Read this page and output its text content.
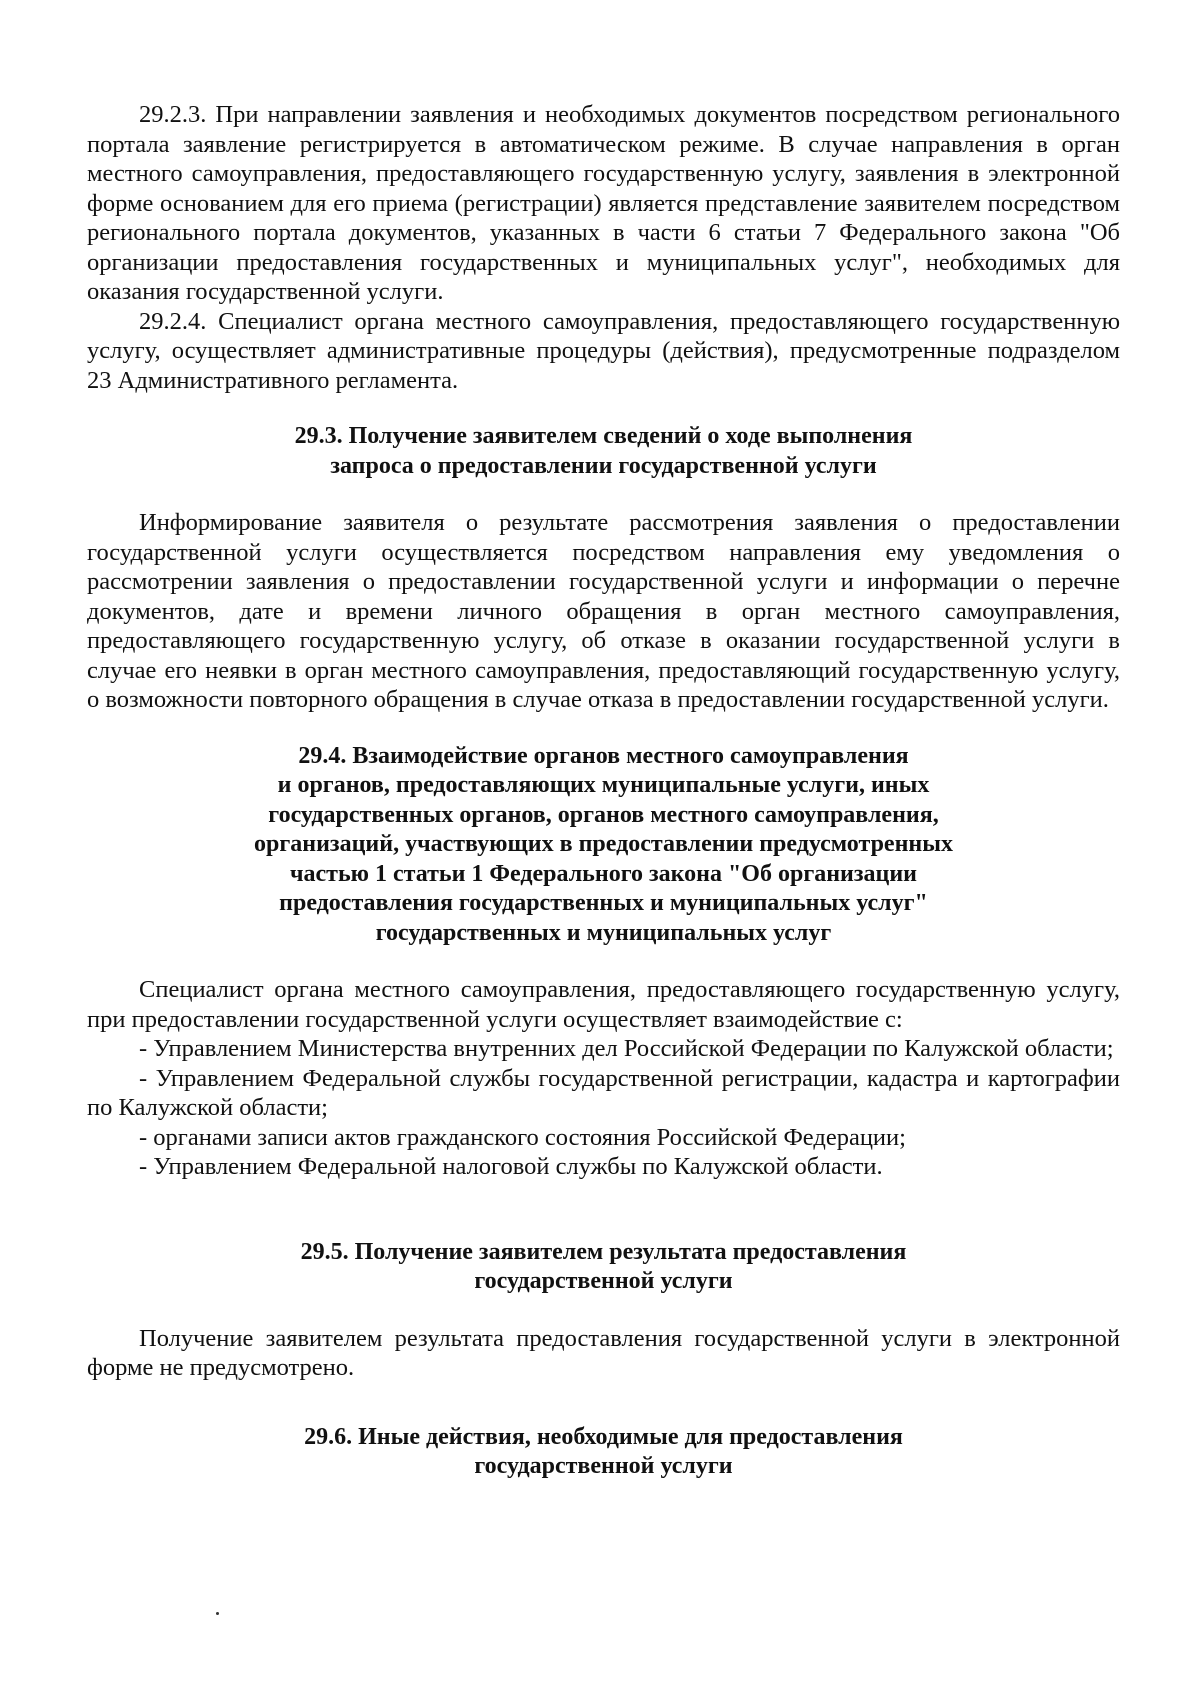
29.2.3. При направлении заявления и необходимых документов посредством регионального портала заявление регистрируется в автоматическом режиме. В случае направления в орган местного самоуправления, предоставляющего государственную услугу, заявления в электронной форме основанием для его приема (регистрации) является представление заявителем посредством регионального портала документов, указанных в части 6 статьи 7 Федерального закона "Об организации предоставления государственных и муниципальных услуг", необходимых для оказания государственной услуги.

29.2.4. Специалист органа местного самоуправления, предоставляющего государственную услугу, осуществляет административные процедуры (действия), предусмотренные подразделом 23 Административного регламента.

29.3. Получение заявителем сведений о ходе выполнения
запроса о предоставлении государственной услуги

Информирование заявителя о результате рассмотрения заявления о предоставлении государственной услуги осуществляется посредством направления ему уведомления о рассмотрении заявления о предоставлении государственной услуги и информации о перечне документов, дате и времени личного обращения в орган местного самоуправления, предоставляющего государственную услугу, об отказе в оказании государственной услуги в случае его неявки в орган местного самоуправления, предоставляющий государственную услугу, о возможности повторного обращения в случае отказа в предоставлении государственной услуги.

29.4. Взаимодействие органов местного самоуправления
и органов, предоставляющих муниципальные услуги, иных
государственных органов, органов местного самоуправления,
организаций, участвующих в предоставлении предусмотренных
частью 1 статьи 1 Федерального закона "Об организации
предоставления государственных и муниципальных услуг"
государственных и муниципальных услуг

Специалист органа местного самоуправления, предоставляющего государственную услугу, при предоставлении государственной услуги осуществляет взаимодействие с:

- Управлением Министерства внутренних дел Российской Федерации по Калужской области;

- Управлением Федеральной службы государственной регистрации, кадастра и картографии по Калужской области;

- органами записи актов гражданского состояния Российской Федерации;

- Управлением Федеральной налоговой службы по Калужской области.

29.5. Получение заявителем результата предоставления
государственной услуги

Получение заявителем результата предоставления государственной услуги в электронной форме не предусмотрено.

29.6. Иные действия, необходимые для предоставления
государственной услуги
